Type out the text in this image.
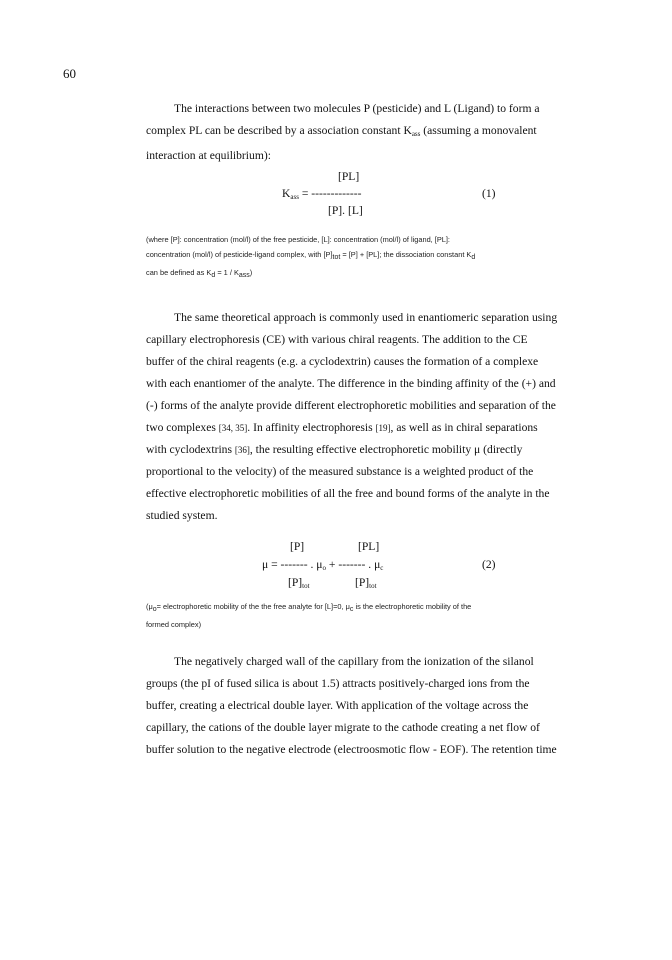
60

The interactions between two molecules P (pesticide) and L (Ligand) to form a
complex PL can be described by a association constant $K_{ass}$ (assuming a monovalent
interaction at equilibrium):

[PL]
$K_{ass}$ = -------------
[P]. [L]
(1)

(where [P]: concentration (mol/l) of the free pesticide, [L]: concentration (mol/l) of ligand, [PL]:
concentration (mol/l) of pesticide-ligand complex, with $[P]_{tot} = [P] + [PL]$; the dissociation constant $K_d$
can be defined as $K_d = 1 / K_{ass}$)

The same theoretical approach is commonly used in enantiomeric separation using
capillary electrophoresis (CE) with various chiral reagents. The addition to the CE
buffer of the chiral reagents (e.g. a cyclodextrin) causes the formation of a complexe
with each enantiomer of the analyte. The difference in the binding affinity of the (+) and
(-) forms of the analyte provide different electrophoretic mobilities and separation of the
two complexes [34, 35]. In affinity electrophoresis [19], as well as in chiral separations
with cyclodextrins [36], the resulting effective electrophoretic mobility μ (directly
proportional to the velocity) of the measured substance is a weighted product of the
effective electrophoretic mobilities of all the free and bound forms of the analyte in the
studied system.

[P]	[PL]
μ = ------- . $\mu_o$ + ------- . $\mu_c$
$[P]_{tot}$	$[P]_{tot}$
(2)

($\mu_o=$ electrophoretic mobility of the the free analyte for [L]=0, $\mu_c$ is the electrophoretic mobility of the
formed complex)

The negatively charged wall of the capillary from the ionization of the silanol
groups (the pI of fused silica is about 1.5) attracts positively-charged ions from the
buffer, creating a electrical double layer. With application of the voltage across the
capillary, the cations of the double layer migrate to the cathode creating a net flow of
buffer solution to the negative electrode (electroosmotic flow - EOF). The retention time
